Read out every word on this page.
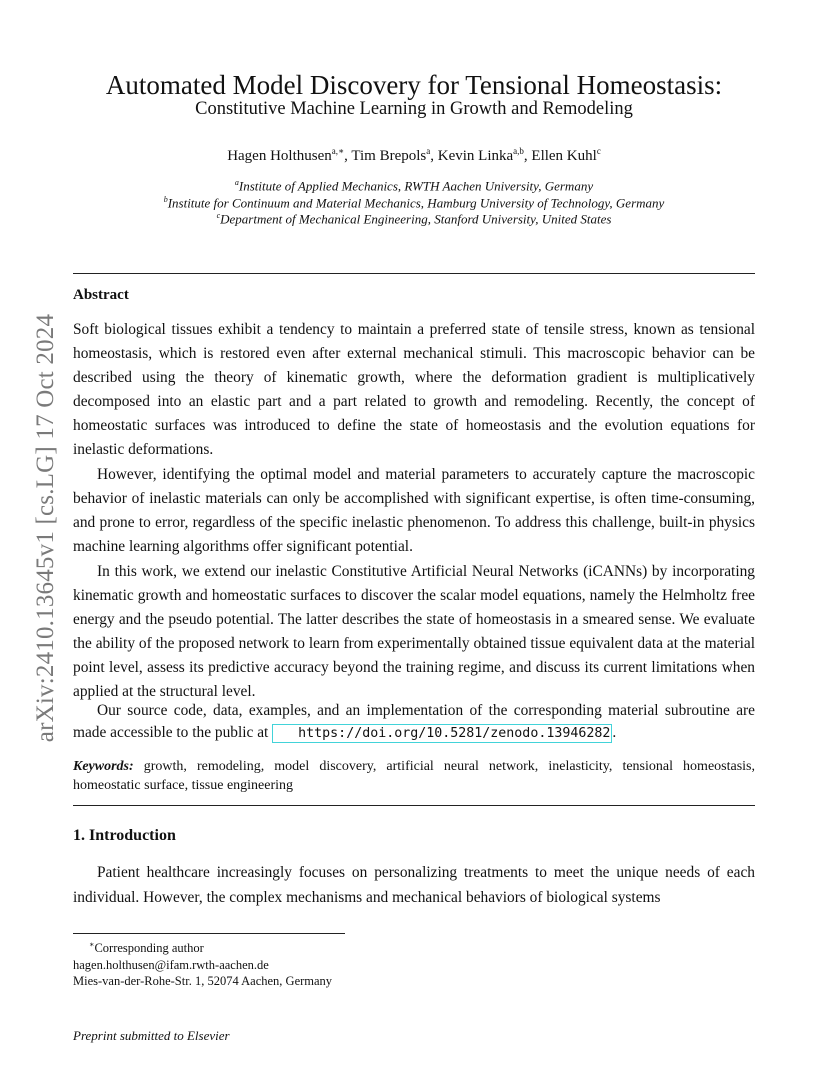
arXiv:2410.13645v1 [cs.LG] 17 Oct 2024
Automated Model Discovery for Tensional Homeostasis:
Constitutive Machine Learning in Growth and Remodeling
Hagen Holthusen$^{a,∗}$, Tim Brepols$^a$, Kevin Linka$^{a,b}$, Ellen Kuhl$^c$
$^a$Institute of Applied Mechanics, RWTH Aachen University, Germany
$^b$Institute for Continuum and Material Mechanics, Hamburg University of Technology, Germany
$^c$Department of Mechanical Engineering, Stanford University, United States
Abstract
Soft biological tissues exhibit a tendency to maintain a preferred state of tensile stress, known as tensional homeostasis, which is restored even after external mechanical stimuli. This macroscopic behavior can be described using the theory of kinematic growth, where the deformation gradient is multiplicatively decomposed into an elastic part and a part related to growth and remodeling. Recently, the concept of homeostatic surfaces was introduced to define the state of homeostasis and the evolution equations for inelastic deformations.
However, identifying the optimal model and material parameters to accurately capture the macroscopic behavior of inelastic materials can only be accomplished with significant expertise, is often time-consuming, and prone to error, regardless of the specific inelastic phenomenon. To address this challenge, built-in physics machine learning algorithms offer significant potential.
In this work, we extend our inelastic Constitutive Artificial Neural Networks (iCANNs) by incorporating kinematic growth and homeostatic surfaces to discover the scalar model equations, namely the Helmholtz free energy and the pseudo potential. The latter describes the state of homeostasis in a smeared sense. We evaluate the ability of the proposed network to learn from experimentally obtained tissue equivalent data at the material point level, assess its predictive accuracy beyond the training regime, and discuss its current limitations when applied at the structural level.
Our source code, data, examples, and an implementation of the corresponding material subroutine are made accessible to the public at https://doi.org/10.5281/zenodo.13946282 .
Keywords: growth, remodeling, model discovery, artificial neural network, inelasticity, tensional homeostasis, homeostatic surface, tissue engineering
1. Introduction
Patient healthcare increasingly focuses on personalizing treatments to meet the unique needs of each individual. However, the complex mechanisms and mechanical behaviors of biological systems
∗Corresponding author
hagen.holthusen@ifam.rwth-aachen.de
Mies-van-der-Rohe-Str. 1, 52074 Aachen, Germany
Preprint submitted to Elsevier
